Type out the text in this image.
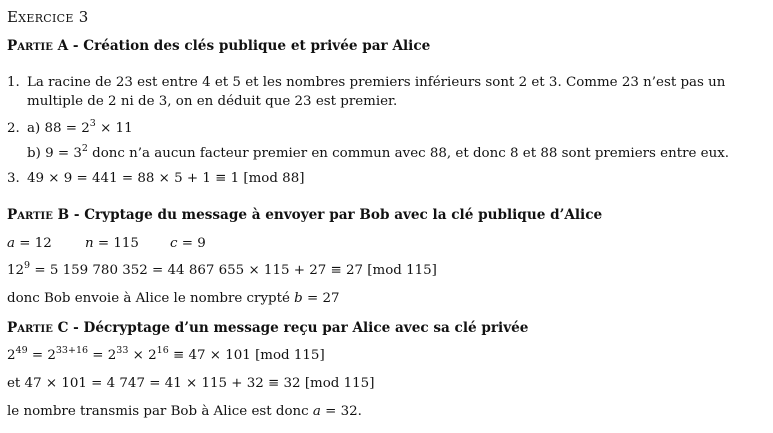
Exercice 3
Partie A - Création des clés publique et privée par Alice
1. La racine de 23 est entre 4 et 5 et les nombres premiers inférieurs sont 2 et 3. Comme 23 n’est pas un
multiple de 2 ni de 3, on en déduit que 23 est premier.
2. a) $88 = 2^3 \times 11$
b) $9 = 3^2$ donc n’a aucun facteur premier en commun avec 88, et donc 8 et 88 sont premiers entre eux.
3. 49 × 9 = 441 = 88 × 5 + 1 ≡ 1 [mod 88]
Partie B - Cryptage du message à envoyer par Bob avec la clé publique d’Alice
a = 12 n = 115 c = 9
$12^9 = 5$ 159 780 352 = 44 867 655 × 115 + 27 ≡ 27 [mod 115]
donc Bob envoie à Alice le nombre crypté b = 27
Partie C - Décryptage d’un message reçu par Alice avec sa clé privée
$2^{49} = 2^{33+16} = 2^{33} \times 2^{16} \equiv 47 \times 101$ [mod 115]
et 47 × 101 = 4 747 = 41 × 115 + 32 ≡ 32 [mod 115]
le nombre transmis par Bob à Alice est donc a = 32.
